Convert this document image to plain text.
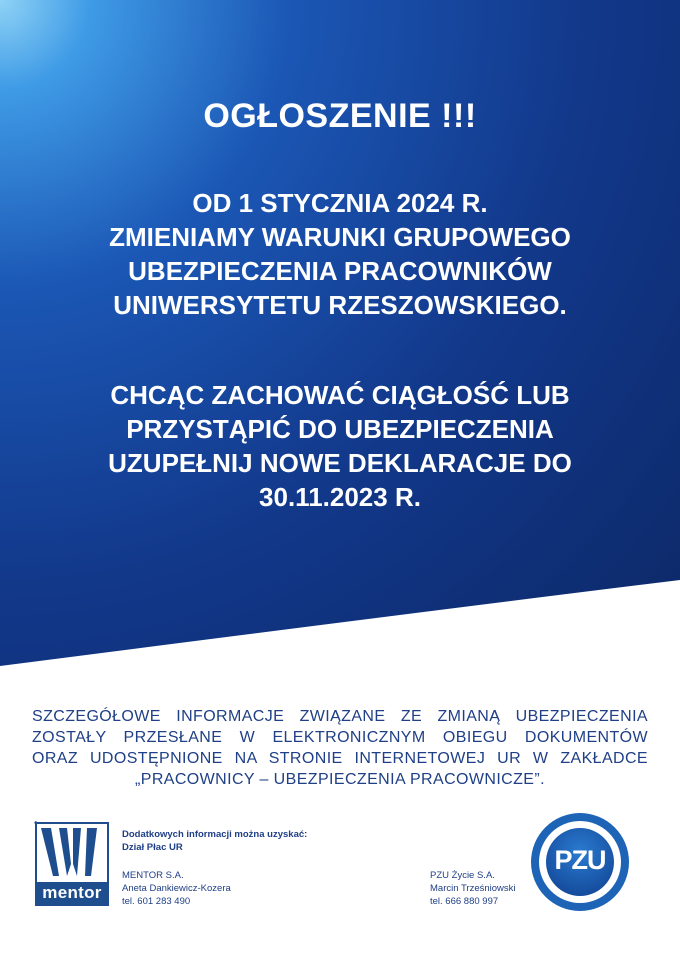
OGŁOSZENIE !!!
OD 1 STYCZNIA 2024 R.
ZMIENIAMY WARUNKI GRUPOWEGO
UBEZPIECZENIA PRACOWNIKÓW
UNIWERSYTETU RZESZOWSKIEGO.
CHCĄC ZACHOWAĆ CIĄGŁOŚĆ LUB
PRZYSTĄPIĆ DO UBEZPIECZENIA
UZUPEŁNIJ NOWE DEKLARACJE DO
30.11.2023 R.
SZCZEGÓŁOWE INFORMACJE ZWIĄZANE ZE ZMIANĄ UBEZPIECZENIA
ZOSTAŁY PRZESŁANE W ELEKTRONICZNYM OBIEGU DOKUMENTÓW
ORAZ UDOSTĘPNIONE NA STRONIE INTERNETOWEJ UR W ZAKŁADCE
„PRACOWNICY – UBEZPIECZENIA PRACOWNICZE”.
mentor
Dodatkowych informacji można uzyskać:
Dział Płac UR
MENTOR S.A.
Aneta Dankiewicz-Kozera
tel. 601 283 490
PZU Życie S.A.
Marcin Trześniowski
tel. 666 880 997
PZU
